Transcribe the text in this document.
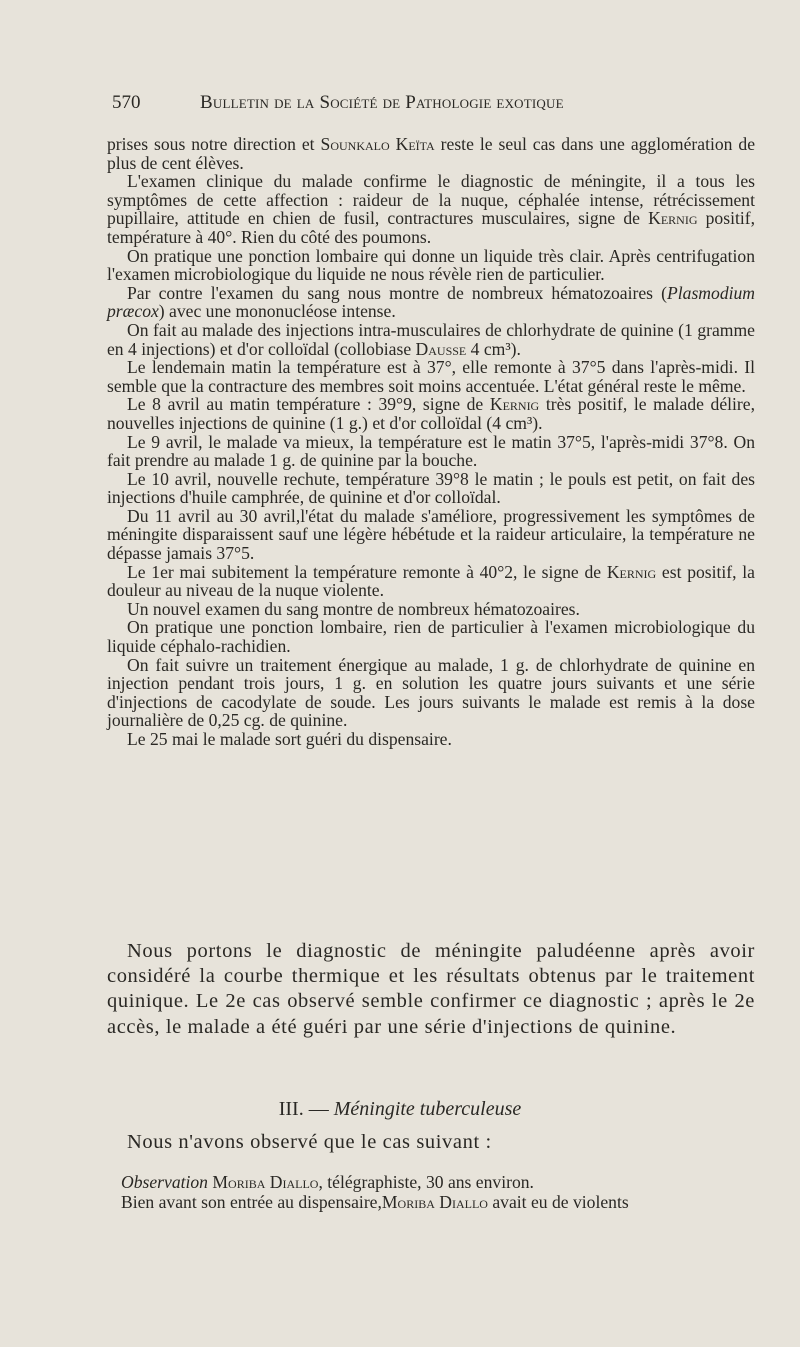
570	Bulletin de la Société de Pathologie exotique

prises sous notre direction et Sounkalo Keïta reste le seul cas dans une agglomération de plus de cent élèves.

L'examen clinique du malade confirme le diagnostic de méningite, il a tous les symptômes de cette affection : raideur de la nuque, céphalée intense, rétrécissement pupillaire, attitude en chien de fusil, contractures musculaires, signe de Kernig positif, température à 40°. Rien du côté des poumons.

On pratique une ponction lombaire qui donne un liquide très clair. Après centrifugation l'examen microbiologique du liquide ne nous révèle rien de particulier.

Par contre l'examen du sang nous montre de nombreux hématozoaires (Plasmodium præcox) avec une mononucléose intense.

On fait au malade des injections intra-musculaires de chlorhydrate de quinine (1 gramme en 4 injections) et d'or colloïdal (collobiase Dausse 4 cm³).

Le lendemain matin la température est à 37°, elle remonte à 37°5 dans l'après-midi. Il semble que la contracture des membres soit moins accentuée. L'état général reste le même.

Le 8 avril au matin température : 39°9, signe de Kernig très positif, le malade délire, nouvelles injections de quinine (1 g.) et d'or colloïdal (4 cm³).

Le 9 avril, le malade va mieux, la température est le matin 37°5, l'après-midi 37°8. On fait prendre au malade 1 g. de quinine par la bouche.

Le 10 avril, nouvelle rechute, température 39°8 le matin ; le pouls est petit, on fait des injections d'huile camphrée, de quinine et d'or colloïdal.

Du 11 avril au 30 avril,l'état du malade s'améliore, progressivement les symptômes de méningite disparaissent sauf une légère hébétude et la raideur articulaire, la température ne dépasse jamais 37°5.

Le 1er mai subitement la température remonte à 40°2, le signe de Kernig est positif, la douleur au niveau de la nuque violente.

Un nouvel examen du sang montre de nombreux hématozoaires.

On pratique une ponction lombaire, rien de particulier à l'examen microbiologique du liquide céphalo-rachidien.

On fait suivre un traitement énergique au malade, 1 g. de chlorhydrate de quinine en injection pendant trois jours, 1 g. en solution les quatre jours suivants et une série d'injections de cacodylate de soude. Les jours suivants le malade est remis à la dose journalière de 0,25 cg. de quinine.

Le 25 mai le malade sort guéri du dispensaire.

Nous portons le diagnostic de méningite paludéenne après avoir considéré la courbe thermique et les résultats obtenus par le traitement quinique. Le 2e cas observé semble confirmer ce diagnostic ; après le 2e accès, le malade a été guéri par une série d'injections de quinine.

III. — Méningite tuberculeuse
Nous n'avons observé que le cas suivant :

Observation Moriba Diallo, télégraphiste, 30 ans environ.

Bien avant son entrée au dispensaire,Moriba Diallo avait eu de violents
